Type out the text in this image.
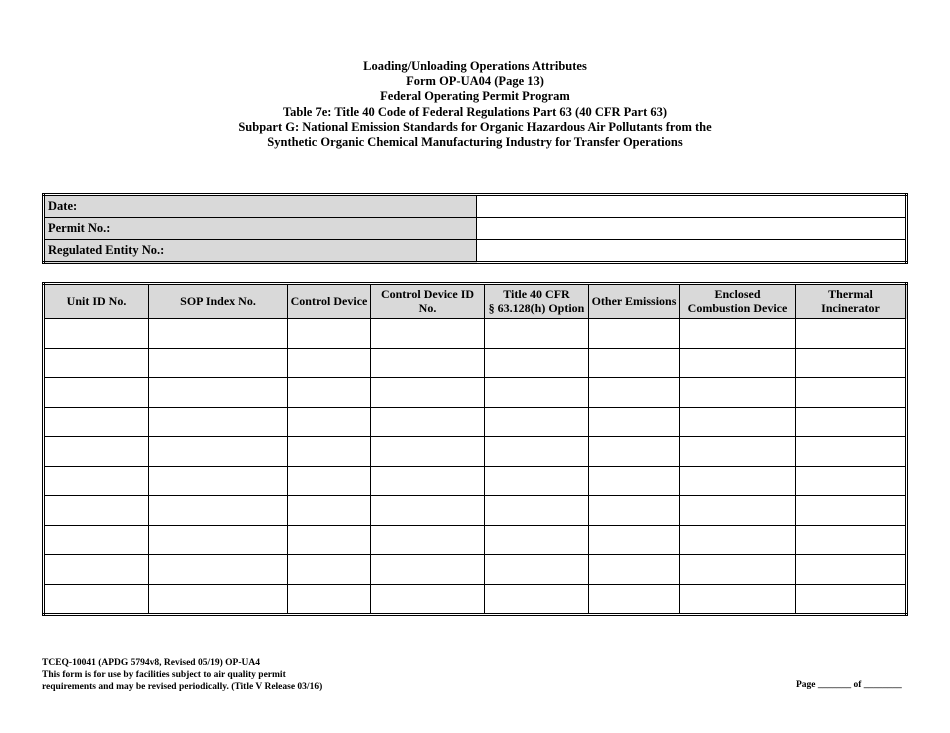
Loading/Unloading Operations Attributes
Form OP-UA04 (Page 13)
Federal Operating Permit Program
Table 7e: Title 40 Code of Federal Regulations Part 63 (40 CFR Part 63)
Subpart G: National Emission Standards for Organic Hazardous Air Pollutants from the
Synthetic Organic Chemical Manufacturing Industry for Transfer Operations
Date:	
Permit No.:	
Regulated Entity No.:	
Unit ID No.	SOP Index No.	Control Device	Control Device ID No.	Title 40 CFR
§ 63.128(h) Option	Other Emissions	Enclosed Combustion Device	Thermal Incinerator

TCEQ-10041 (APDG 5794v8, Revised 05/19) OP-UA4
This form is for use by facilities subject to air quality permit
requirements and may be revised periodically. (Title V Release 03/16)	Page _______ of ________
